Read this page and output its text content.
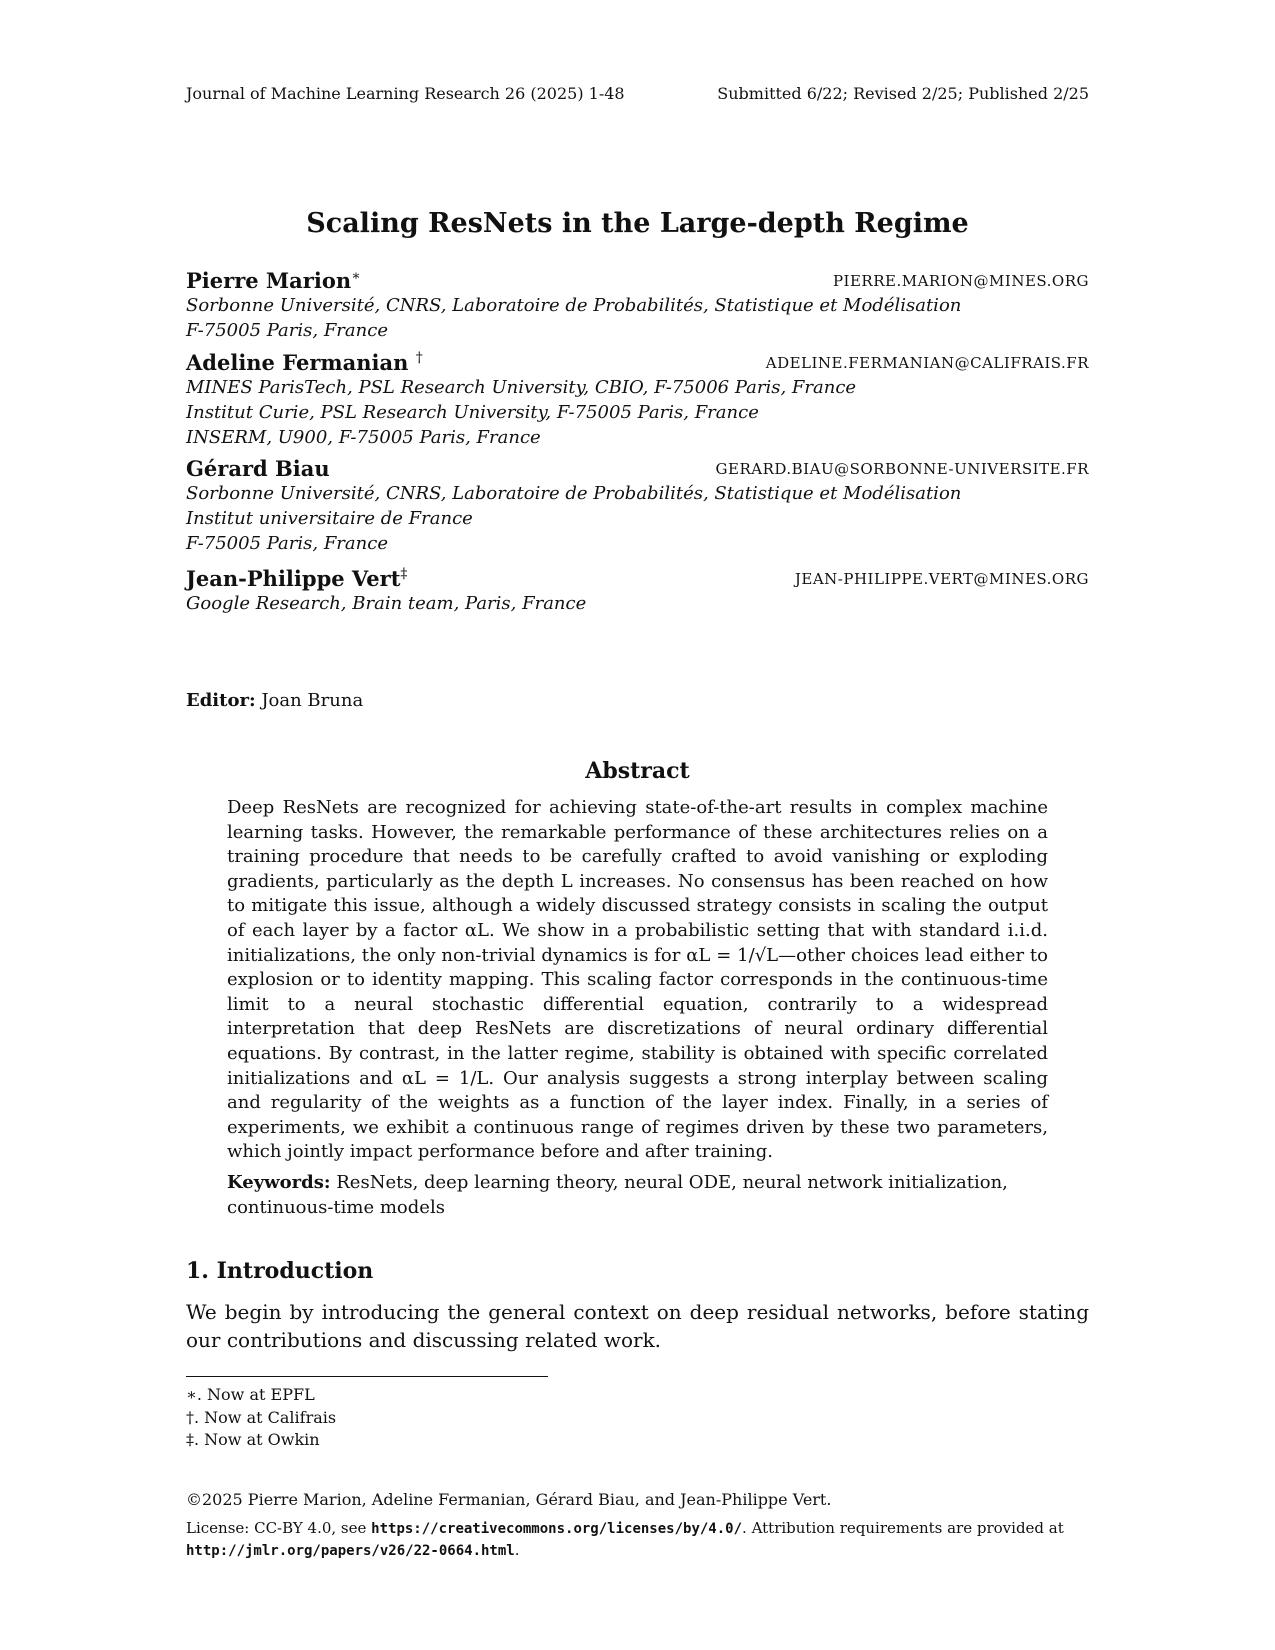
Journal of Machine Learning Research 26 (2025) 1-48	Submitted 6/22; Revised 2/25; Published 2/25
Scaling ResNets in the Large-depth Regime
Pierre Marion∗	PIERRE.MARION@MINES.ORG
Sorbonne Université, CNRS, Laboratoire de Probabilités, Statistique et Modélisation
F-75005 Paris, France
Adeline Fermanian †	ADELINE.FERMANIAN@CALIFRAIS.FR
MINES ParisTech, PSL Research University, CBIO, F-75006 Paris, France
Institut Curie, PSL Research University, F-75005 Paris, France
INSERM, U900, F-75005 Paris, France
Gérard Biau	GERARD.BIAU@SORBONNE-UNIVERSITE.FR
Sorbonne Université, CNRS, Laboratoire de Probabilités, Statistique et Modélisation
Institut universitaire de France
F-75005 Paris, France
Jean-Philippe Vert‡	JEAN-PHILIPPE.VERT@MINES.ORG
Google Research, Brain team, Paris, France
Editor: Joan Bruna
Abstract
Deep ResNets are recognized for achieving state-of-the-art results in complex machine learning tasks. However, the remarkable performance of these architectures relies on a training procedure that needs to be carefully crafted to avoid vanishing or exploding gradients, particularly as the depth L increases. No consensus has been reached on how to mitigate this issue, although a widely discussed strategy consists in scaling the output of each layer by a factor αL. We show in a probabilistic setting that with standard i.i.d. initializations, the only non-trivial dynamics is for αL = 1/√L—other choices lead either to explosion or to identity mapping. This scaling factor corresponds in the continuous-time limit to a neural stochastic differential equation, contrarily to a widespread interpretation that deep ResNets are discretizations of neural ordinary differential equations. By contrast, in the latter regime, stability is obtained with specific correlated initializations and αL = 1/L. Our analysis suggests a strong interplay between scaling and regularity of the weights as a function of the layer index. Finally, in a series of experiments, we exhibit a continuous range of regimes driven by these two parameters, which jointly impact performance before and after training.
Keywords: ResNets, deep learning theory, neural ODE, neural network initialization, continuous-time models
1. Introduction
We begin by introducing the general context on deep residual networks, before stating our contributions and discussing related work.
∗. Now at EPFL
†. Now at Califrais
‡. Now at Owkin
©2025 Pierre Marion, Adeline Fermanian, Gérard Biau, and Jean-Philippe Vert.
License: CC-BY 4.0, see https://creativecommons.org/licenses/by/4.0/. Attribution requirements are provided at http://jmlr.org/papers/v26/22-0664.html.
